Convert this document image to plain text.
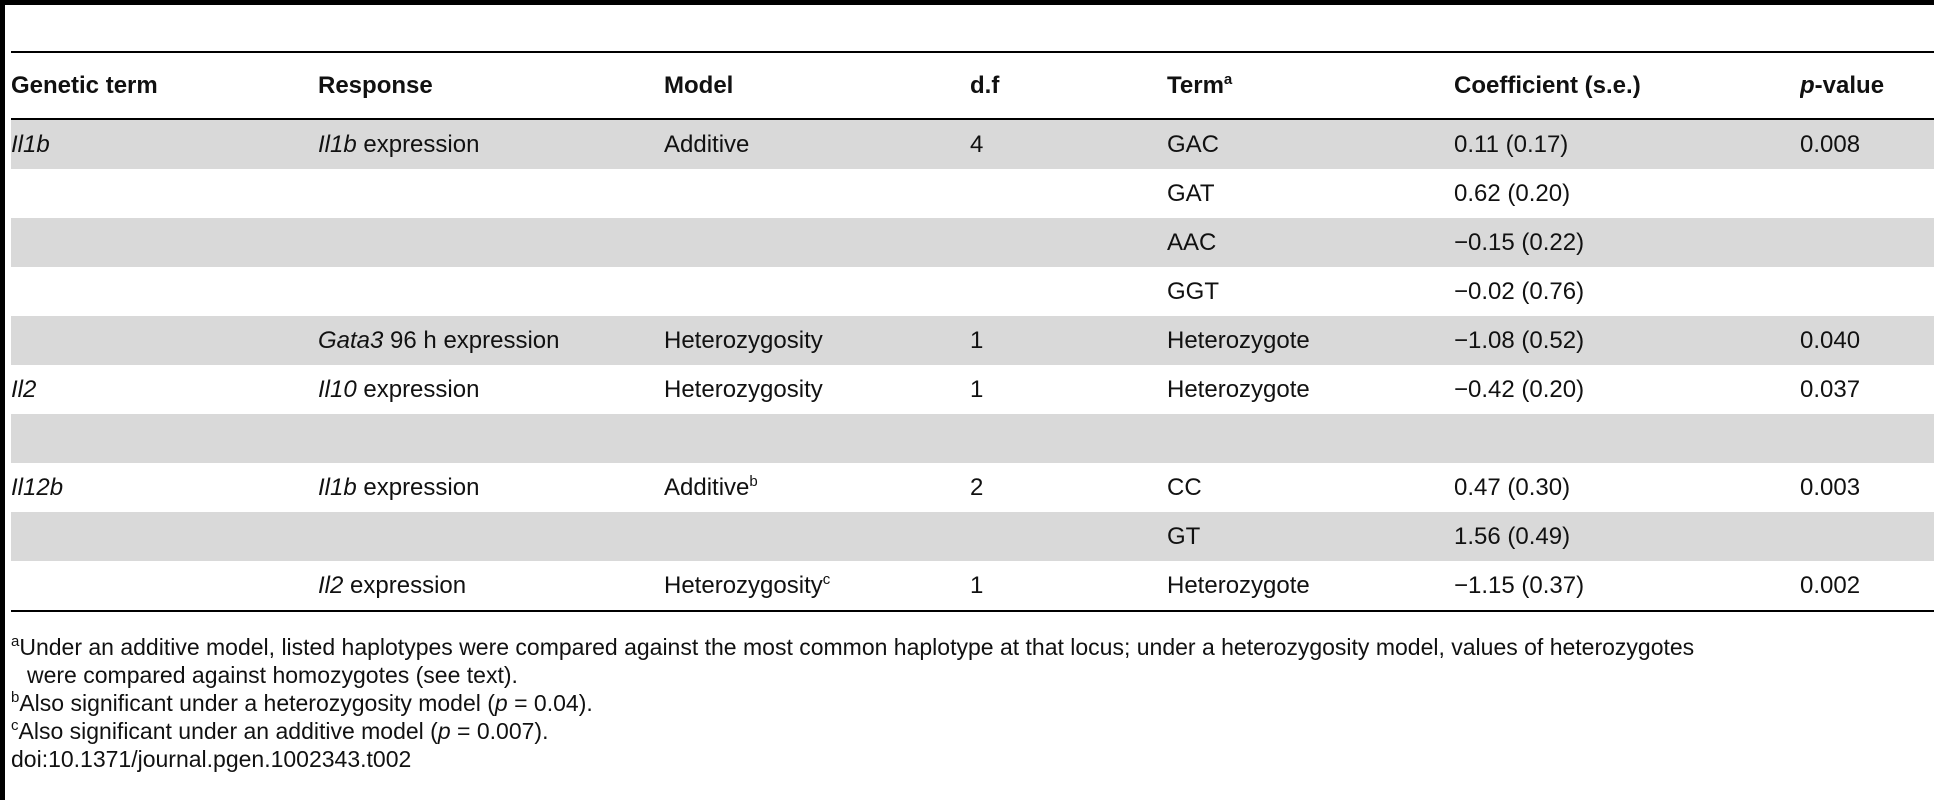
Genetic term	Response	Model	d.f	Term$^a$	Coefficient (s.e.)	p-value
Il1b	Il1b expression	Additive	4	GAC	0.11 (0.17)	0.008
				GAT	0.62 (0.20)	
				AAC	−0.15 (0.22)	
				GGT	−0.02 (0.76)	
	Gata3 96 h expression	Heterozygosity	1	Heterozygote	−1.08 (0.52)	0.040
Il2	Il10 expression	Heterozygosity	1	Heterozygote	−0.42 (0.20)	0.037

Il12b	Il1b expression	Additive$^b$	2	CC	0.47 (0.30)	0.003
				GT	1.56 (0.49)	
	Il2 expression	Heterozygosity$^c$	1	Heterozygote	−1.15 (0.37)	0.002
$^a$Under an additive model, listed haplotypes were compared against the most common haplotype at that locus; under a heterozygosity model, values of heterozygotes
were compared against homozygotes (see text).
$^b$Also significant under a heterozygosity model (p = 0.04).
$^c$Also significant under an additive model (p = 0.007).
doi:10.1371/journal.pgen.1002343.t002
